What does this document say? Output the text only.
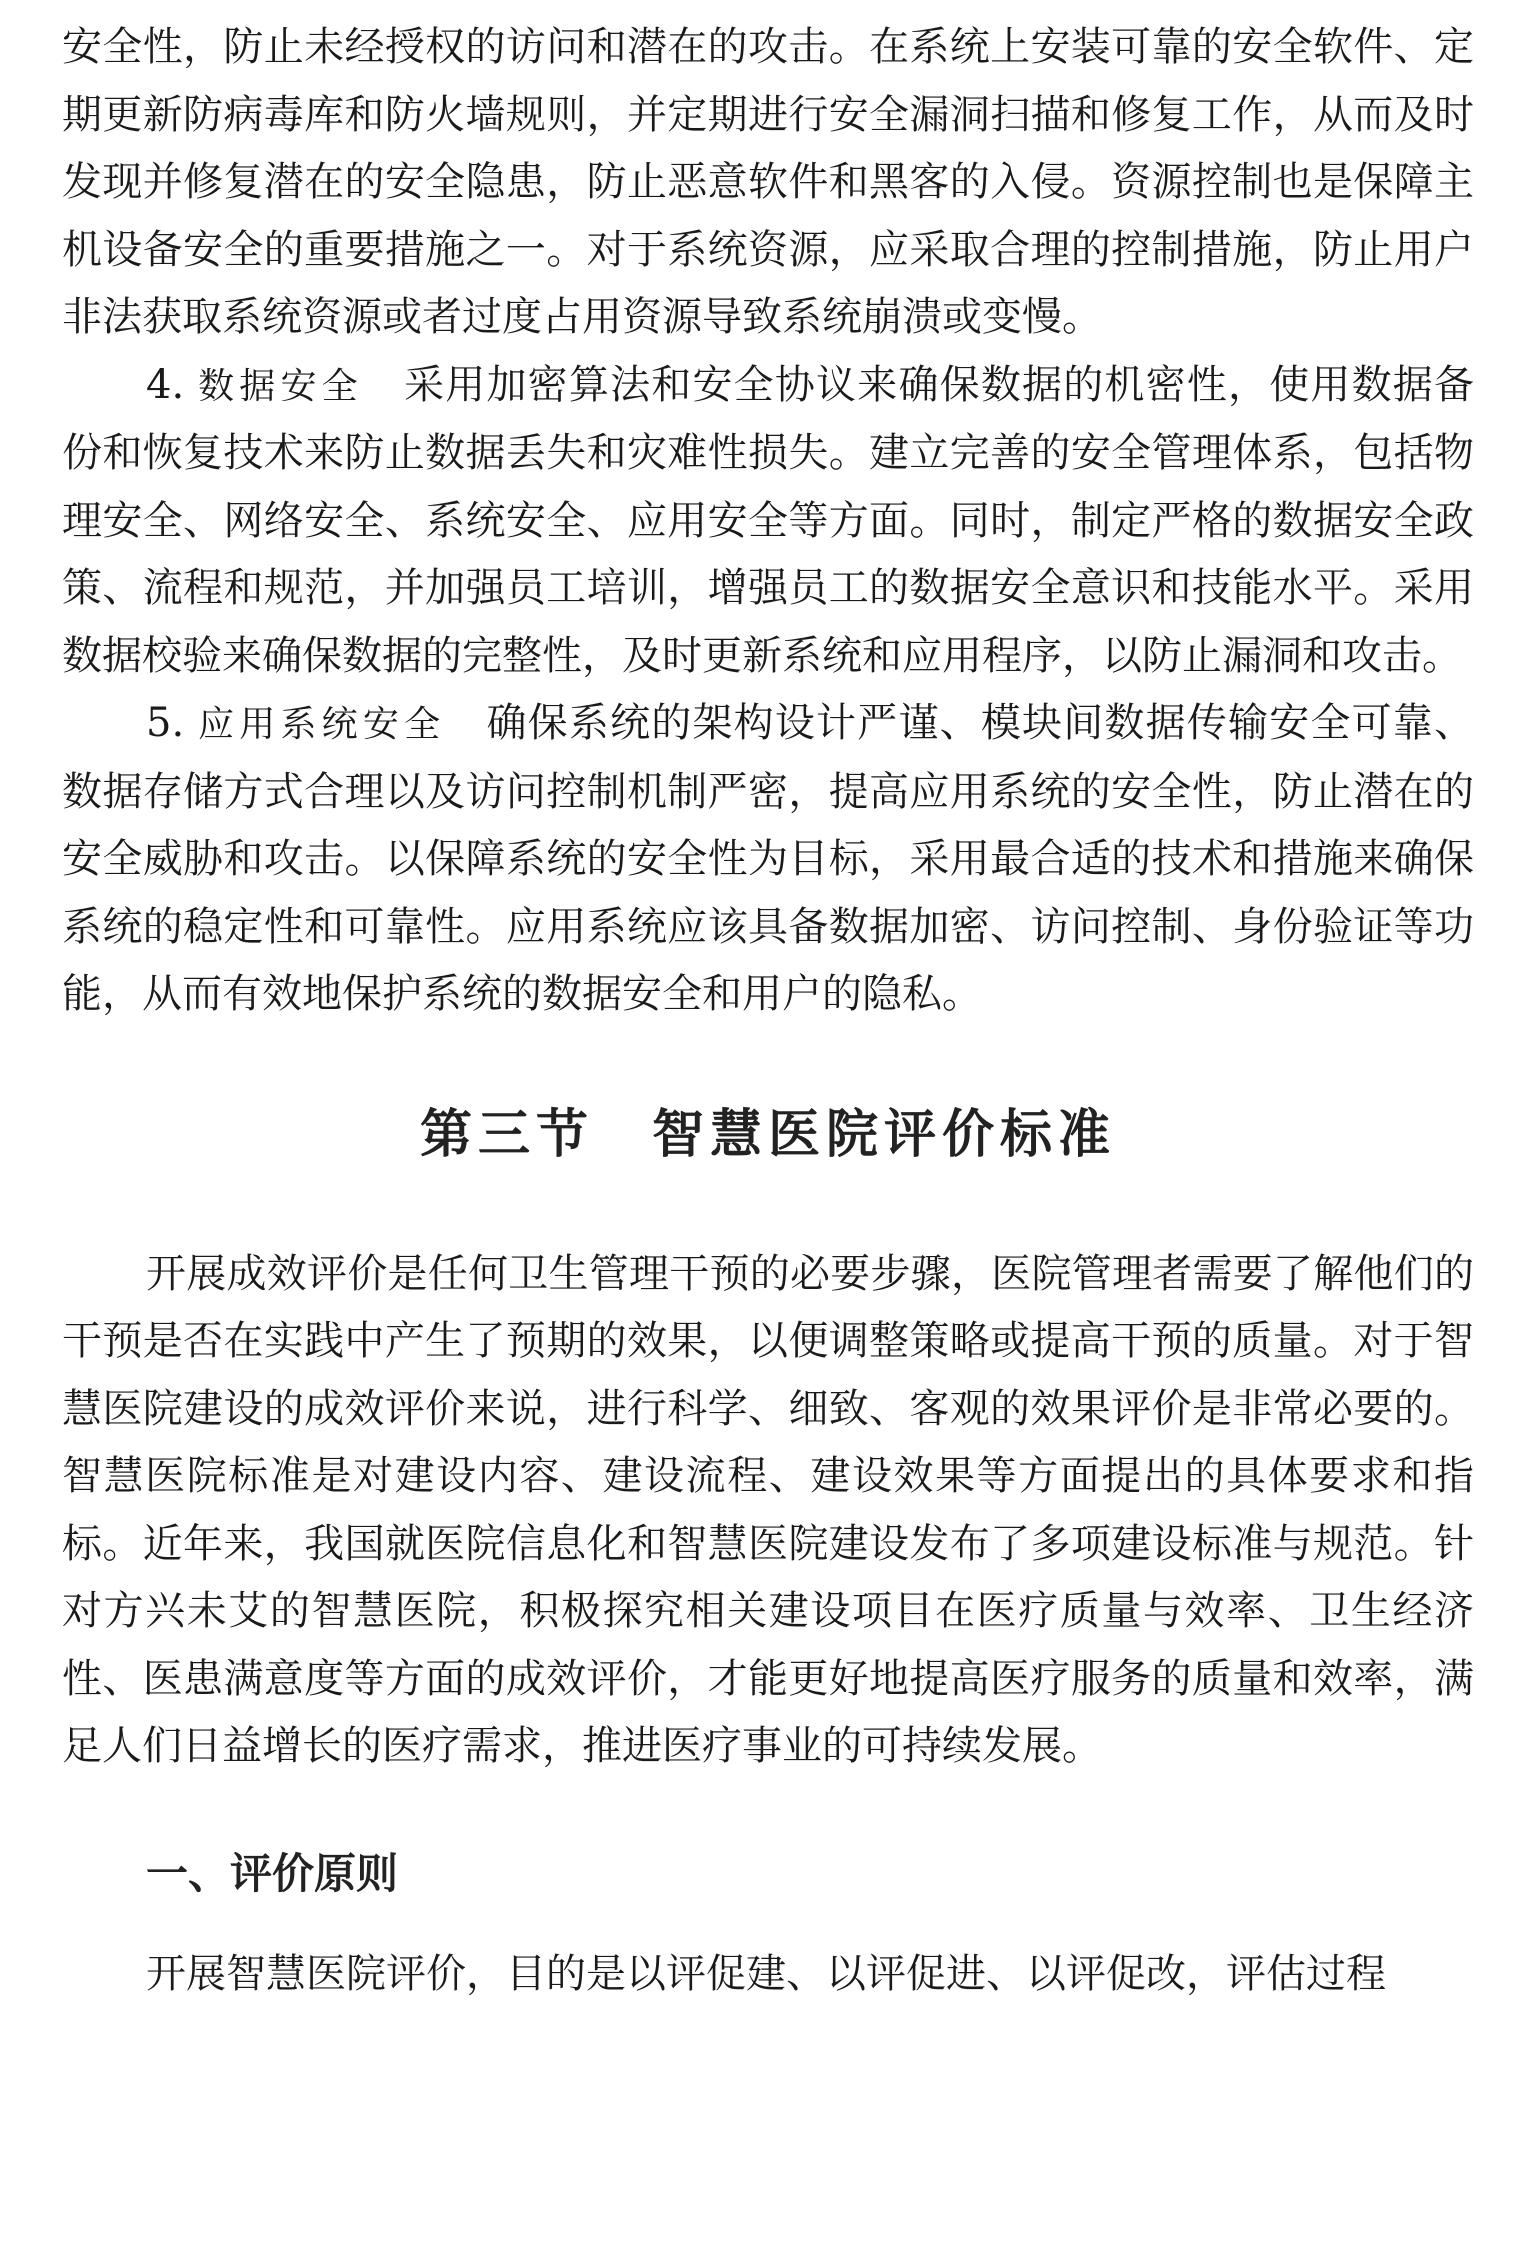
安全性，防止未经授权的访问和潜在的攻击。在系统上安装可靠的安全软件、定期更新防病毒库和防火墙规则，并定期进行安全漏洞扫描和修复工作，从而及时发现并修复潜在的安全隐患，防止恶意软件和黑客的入侵。资源控制也是保障主机设备安全的重要措施之一。对于系统资源，应采取合理的控制措施，防止用户非法获取系统资源或者过度占用资源导致系统崩溃或变慢。

4. 数据安全 采用加密算法和安全协议来确保数据的机密性，使用数据备份和恢复技术来防止数据丢失和灾难性损失。建立完善的安全管理体系，包括物理安全、网络安全、系统安全、应用安全等方面。同时，制定严格的数据安全政策、流程和规范，并加强员工培训，增强员工的数据安全意识和技能水平。采用数据校验来确保数据的完整性，及时更新系统和应用程序，以防止漏洞和攻击。

5. 应用系统安全 确保系统的架构设计严谨、模块间数据传输安全可靠、数据存储方式合理以及访问控制机制严密，提高应用系统的安全性，防止潜在的安全威胁和攻击。以保障系统的安全性为目标，采用最合适的技术和措施来确保系统的稳定性和可靠性。应用系统应该具备数据加密、访问控制、身份验证等功能，从而有效地保护系统的数据安全和用户的隐私。

第三节　智慧医院评价标准

开展成效评价是任何卫生管理干预的必要步骤，医院管理者需要了解他们的干预是否在实践中产生了预期的效果，以便调整策略或提高干预的质量。对于智慧医院建设的成效评价来说，进行科学、细致、客观的效果评价是非常必要的。智慧医院标准是对建设内容、建设流程、建设效果等方面提出的具体要求和指标。近年来，我国就医院信息化和智慧医院建设发布了多项建设标准与规范。针对方兴未艾的智慧医院，积极探究相关建设项目在医疗质量与效率、卫生经济性、医患满意度等方面的成效评价，才能更好地提高医疗服务的质量和效率，满足人们日益增长的医疗需求，推进医疗事业的可持续发展。

一、评价原则

开展智慧医院评价，目的是以评促建、以评促进、以评促改，评估过程
